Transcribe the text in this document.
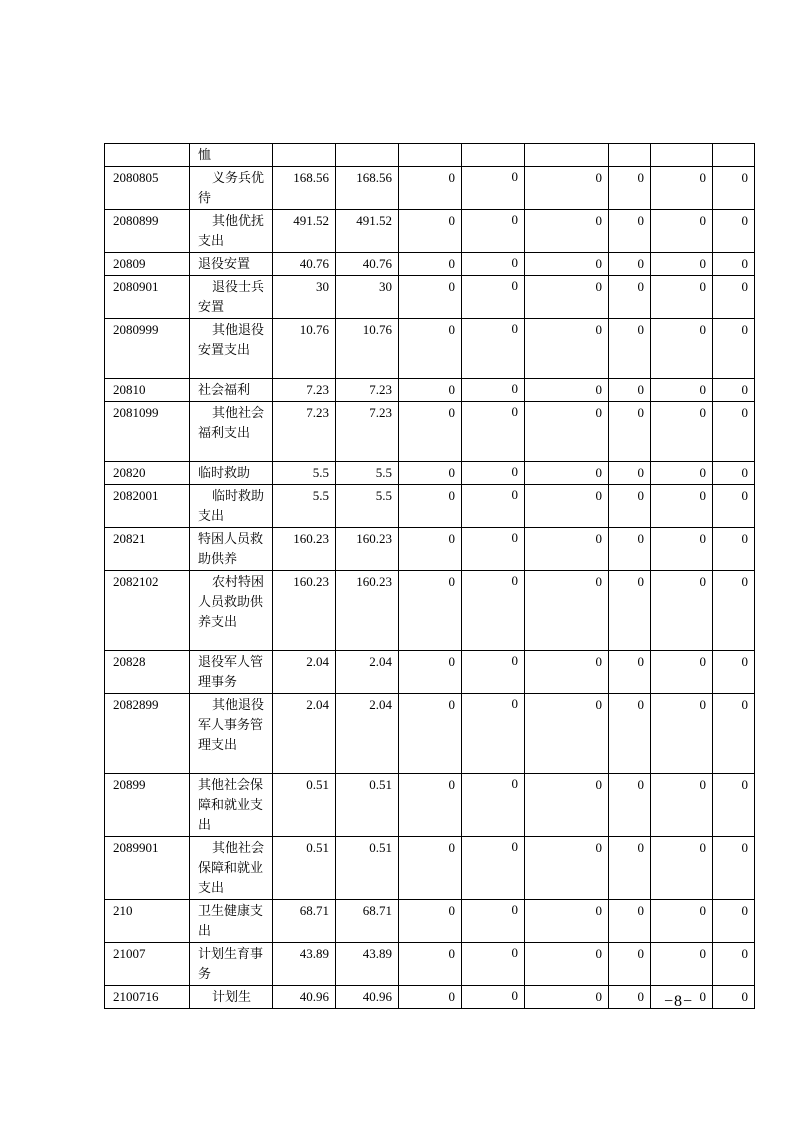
	恤								
2080805	义务兵优待	168.56	168.56	0	0	0	0	0	0
2080899	其他优抚支出	491.52	491.52	0	0	0	0	0	0
20809	退役安置	40.76	40.76	0	0	0	0	0	0
2080901	退役士兵安置	30	30	0	0	0	0	0	0
2080999	其他退役安置支出	10.76	10.76	0	0	0	0	0	0
20810	社会福利	7.23	7.23	0	0	0	0	0	0
2081099	其他社会福利支出	7.23	7.23	0	0	0	0	0	0
20820	临时救助	5.5	5.5	0	0	0	0	0	0
2082001	临时救助支出	5.5	5.5	0	0	0	0	0	0
20821	特困人员救助供养	160.23	160.23	0	0	0	0	0	0
2082102	农村特困人员救助供养支出	160.23	160.23	0	0	0	0	0	0
20828	退役军人管理事务	2.04	2.04	0	0	0	0	0	0
2082899	其他退役军人事务管理支出	2.04	2.04	0	0	0	0	0	0
20899	其他社会保障和就业支出	0.51	0.51	0	0	0	0	0	0
2089901	其他社会保障和就业支出	0.51	0.51	0	0	0	0	0	0
210	卫生健康支出	68.71	68.71	0	0	0	0	0	0
21007	计划生育事务	43.89	43.89	0	0	0	0	0	0
2100716	计划生	40.96	40.96	0	0	0	0	0	0
−8−
